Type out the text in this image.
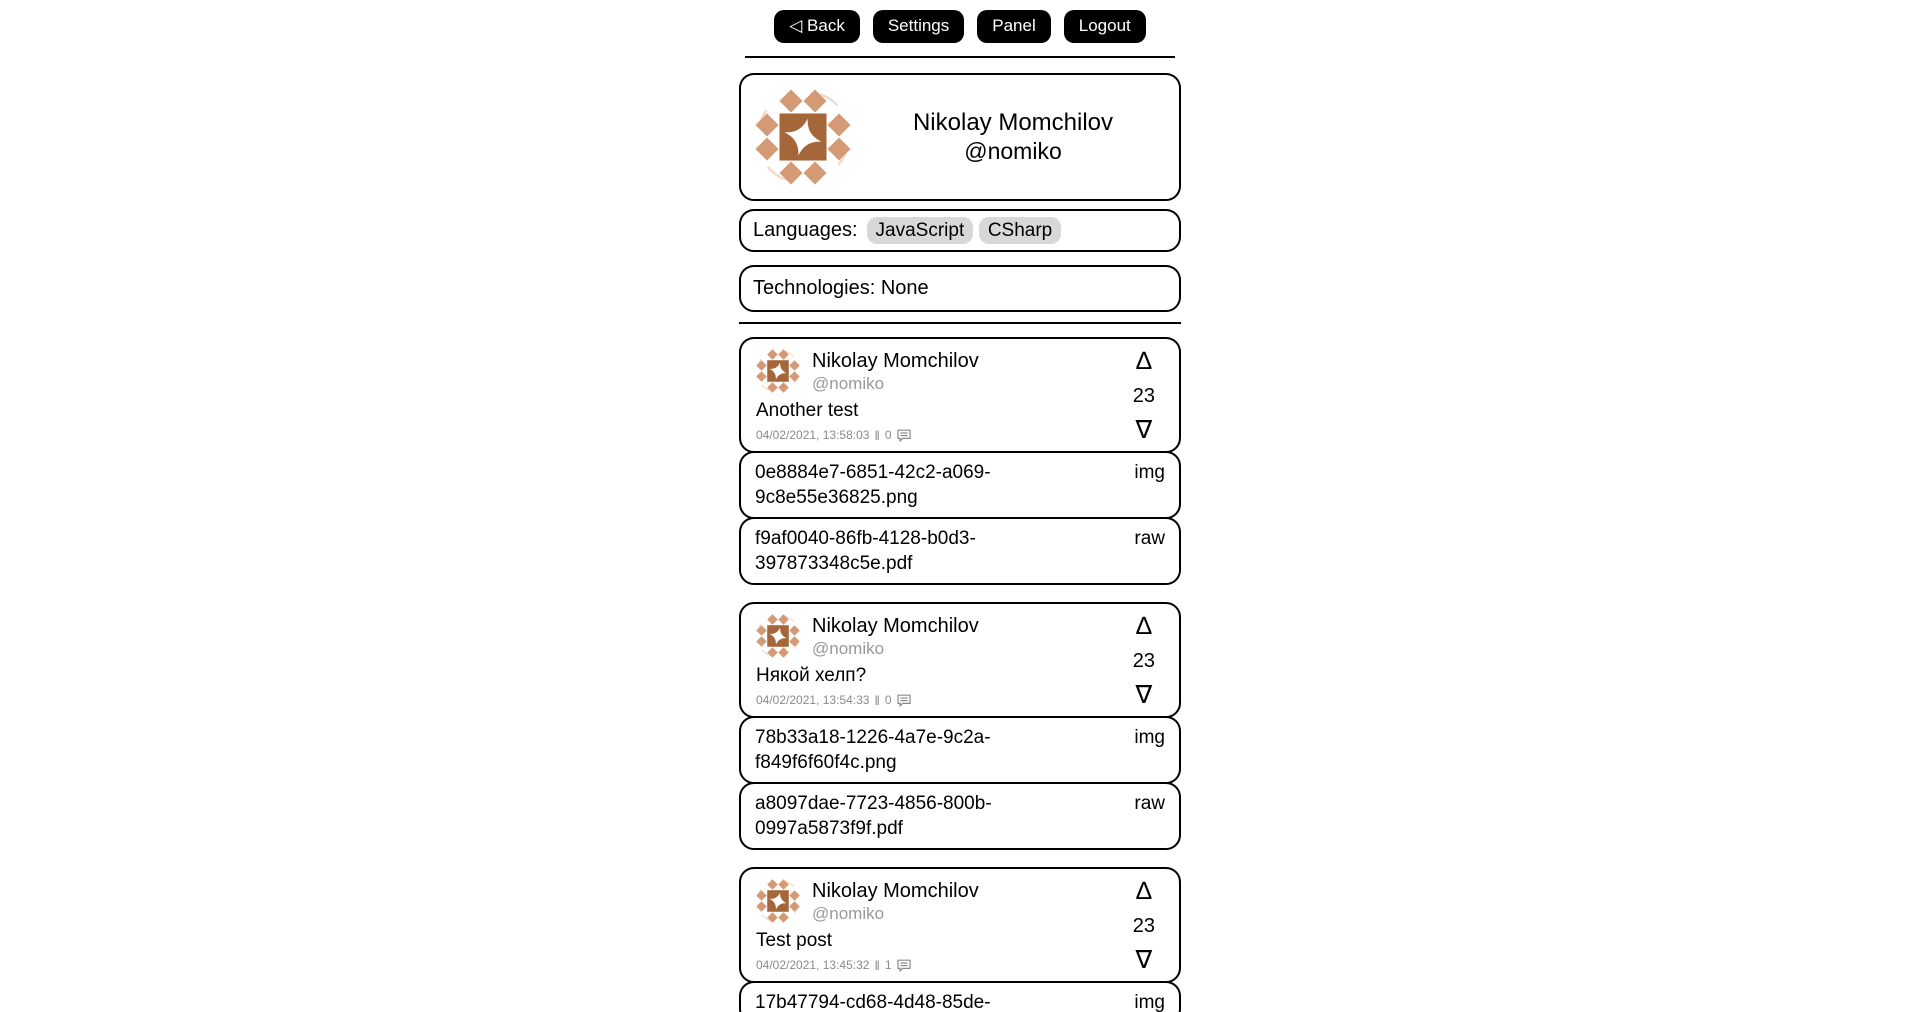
◁ Back	Settings	Panel	Logout
Nikolay Momchilov
@nomiko
Languages: JavaScript CSharp
Technologies: None
Nikolay Momchilov
@nomiko
Another test
04/02/2021, 13:58:03 ‖ 0
∆
23
∇
0e8884e7-6851-42c2-a069-9c8e55e36825.png
img
f9af0040-86fb-4128-b0d3-397873348c5e.pdf
raw
Nikolay Momchilov
@nomiko
Някой хелп?
04/02/2021, 13:54:33 ‖ 0
∆
23
∇
78b33a18-1226-4a7e-9c2a-f849f6f60f4c.png
img
a8097dae-7723-4856-800b-0997a5873f9f.pdf
raw
Nikolay Momchilov
@nomiko
Test post
04/02/2021, 13:45:32 ‖ 1
∆
23
∇
17b47794-cd68-4d48-85de-	img
